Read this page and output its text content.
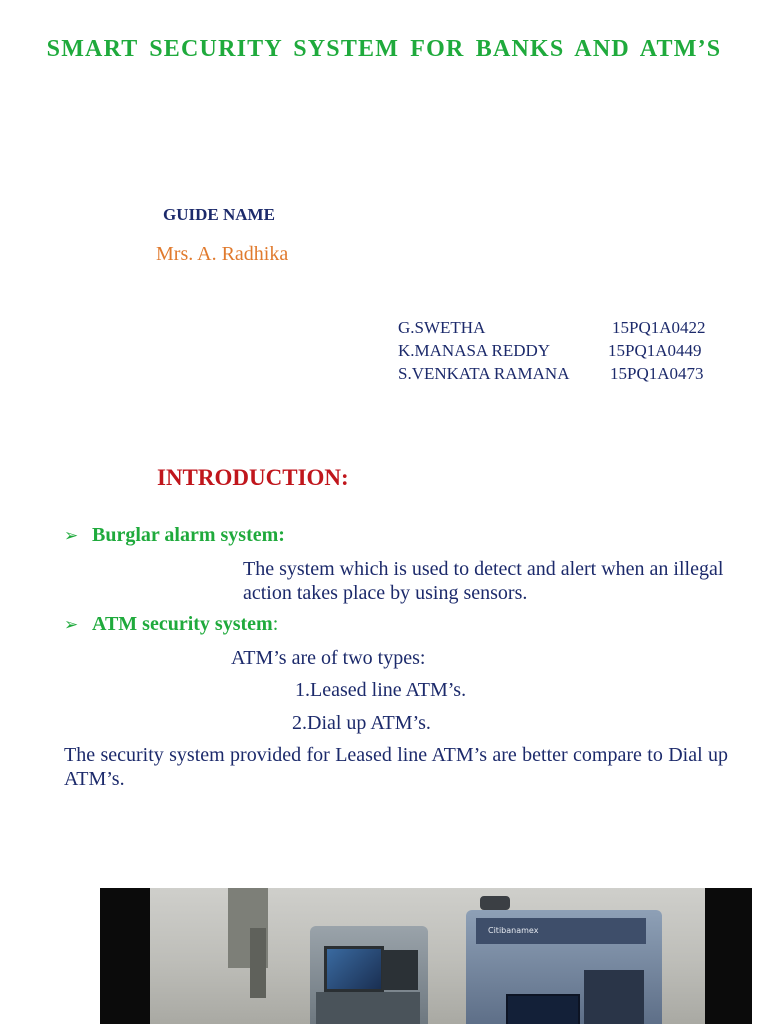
SMART SECURITY SYSTEM FOR BANKS AND ATM’S
GUIDE NAME
Mrs. A. Radhika
G.SWETHA	15PQ1A0422
K.MANASA REDDY	15PQ1A0449
S.VENKATA RAMANA	15PQ1A0473
INTRODUCTION:
➢ Burglar alarm system:
The system which is used to detect and alert when an illegal action takes place by using sensors.
➢ ATM security system :
ATM’s are of two types:
1.Leased line ATM’s.
2.Dial up ATM’s.
The security system provided for Leased line ATM’s are better compare to Dial up ATM’s.
Citibanamex
